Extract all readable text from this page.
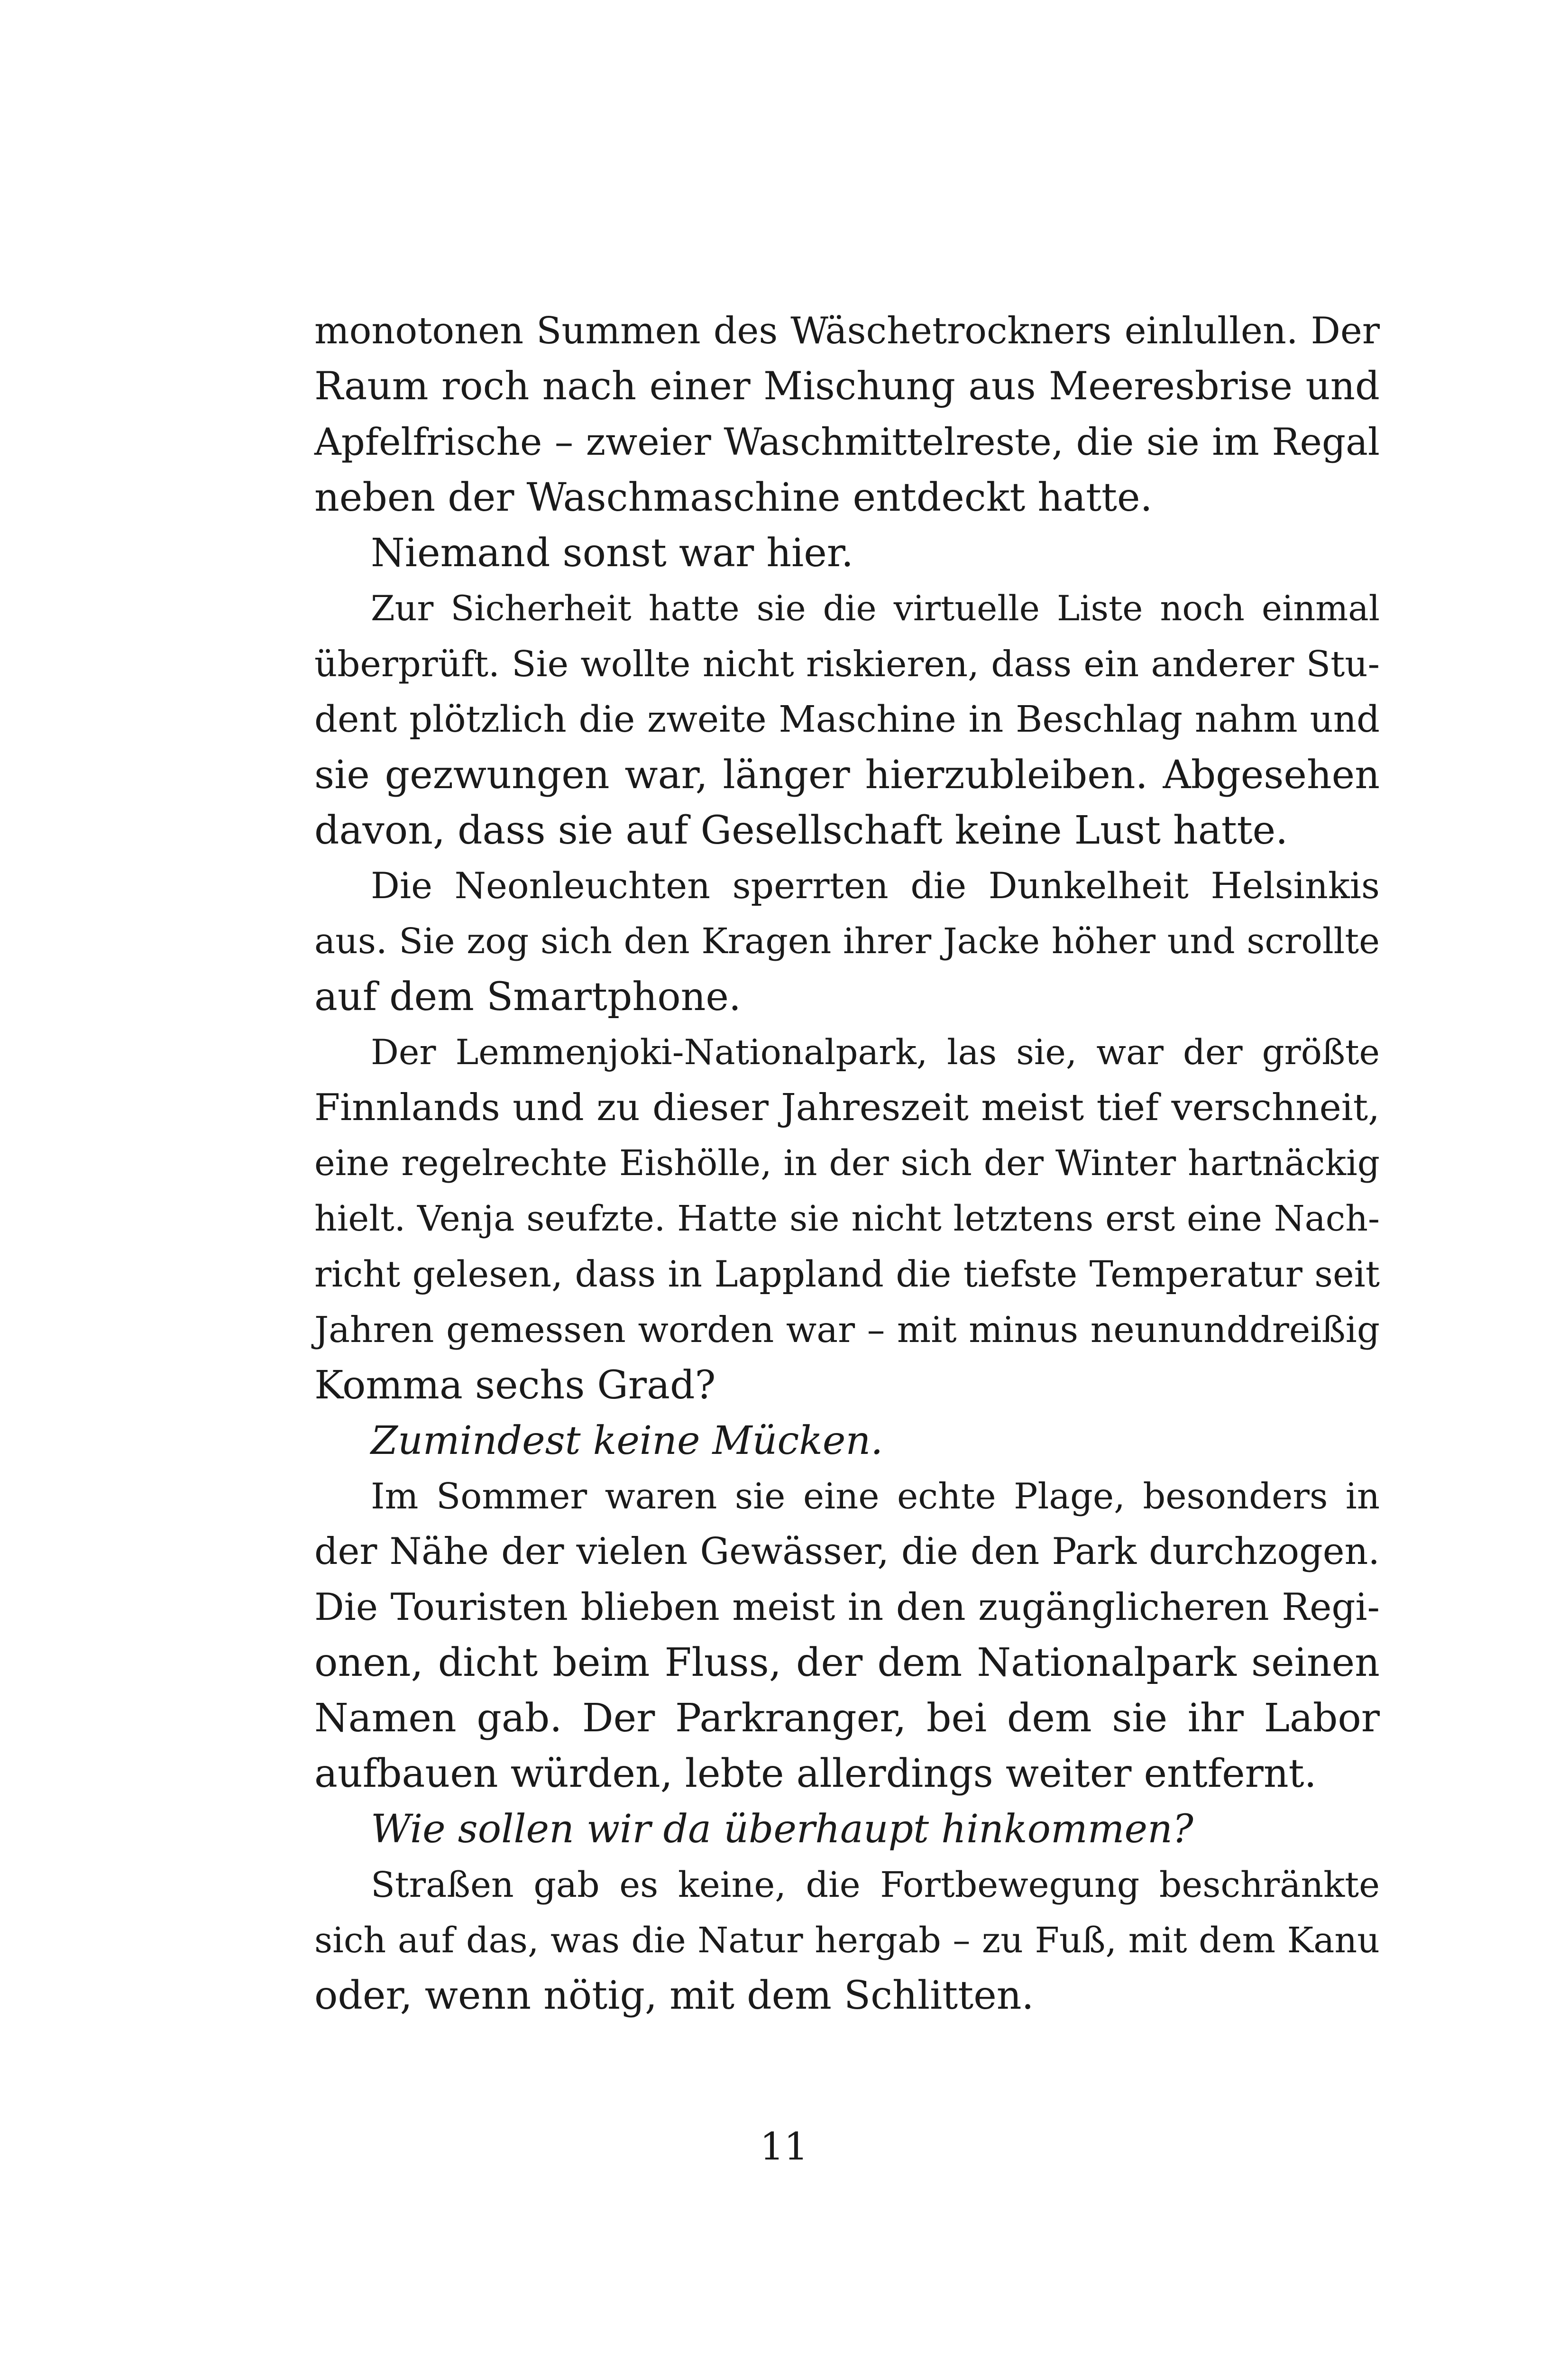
monotonen Summen des Wäschetrockners einlullen. Der
Raum roch nach einer Mischung aus Meeresbrise und
Apfelfrische – zweier Waschmittelreste, die sie im Regal
neben der Waschmaschine entdeckt hatte.
Niemand sonst war hier.
Zur Sicherheit hatte sie die virtuelle Liste noch einmal
überprüft. Sie wollte nicht riskieren, dass ein anderer Stu-
dent plötzlich die zweite Maschine in Beschlag nahm und
sie gezwungen war, länger hierzubleiben. Abgesehen
davon, dass sie auf Gesellschaft keine Lust hatte.
Die Neonleuchten sperrten die Dunkelheit Helsinkis
aus. Sie zog sich den Kragen ihrer Jacke höher und scrollte
auf dem Smartphone.
Der Lemmenjoki-Nationalpark, las sie, war der größte
Finnlands und zu dieser Jahreszeit meist tief verschneit,
eine regelrechte Eishölle, in der sich der Winter hartnäckig
hielt. Venja seufzte. Hatte sie nicht letztens erst eine Nach-
richt gelesen, dass in Lappland die tiefste Temperatur seit
Jahren gemessen worden war – mit minus neununddreißig
Komma sechs Grad?
Zumindest keine Mücken.
Im Sommer waren sie eine echte Plage, besonders in
der Nähe der vielen Gewässer, die den Park durchzogen.
Die Touristen blieben meist in den zugänglicheren Regi-
onen, dicht beim Fluss, der dem Nationalpark seinen
Namen gab. Der Parkranger, bei dem sie ihr Labor
aufbauen würden, lebte allerdings weiter entfernt.
Wie sollen wir da überhaupt hinkommen?
Straßen gab es keine, die Fortbewegung beschränkte
sich auf das, was die Natur hergab – zu Fuß, mit dem Kanu
oder, wenn nötig, mit dem Schlitten.
11
